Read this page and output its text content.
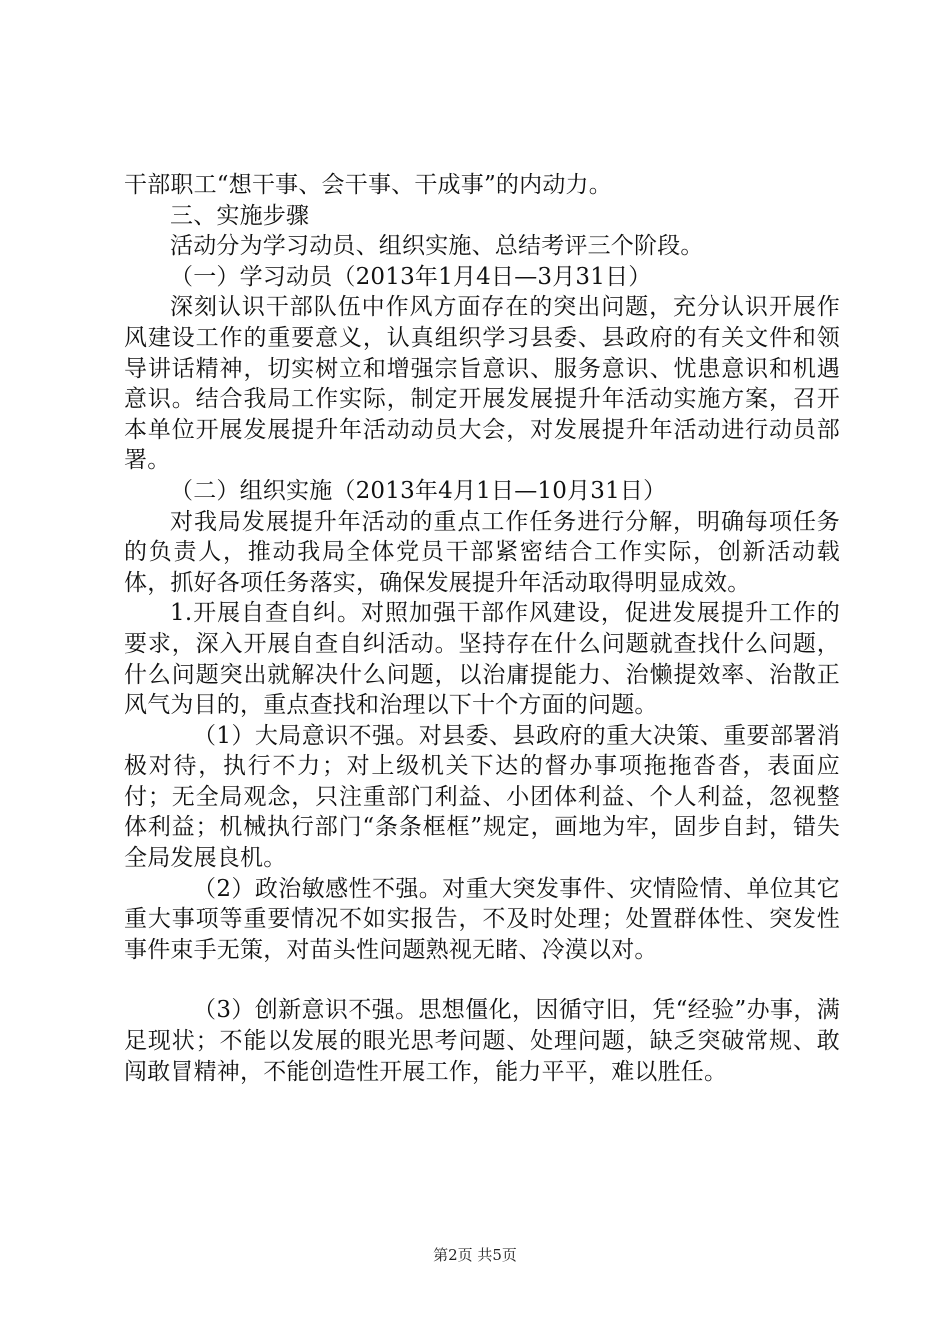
干部职工“想干事、会干事、干成事”的内动力。

三、实施步骤

活动分为学习动员、组织实施、总结考评三个阶段。

（一）学习动员（2013年1月4日—3月31日）

深刻认识干部队伍中作风方面存在的突出问题，充分认识开展作风建设工作的重要意义，认真组织学习县委、县政府的有关文件和领导讲话精神，切实树立和增强宗旨意识、服务意识、忧患意识和机遇意识。结合我局工作实际，制定开展发展提升年活动实施方案，召开本单位开展发展提升年活动动员大会，对发展提升年活动进行动员部署。

（二）组织实施（2013年4月1日—10月31日）

对我局发展提升年活动的重点工作任务进行分解，明确每项任务的负责人，推动我局全体党员干部紧密结合工作实际，创新活动载体，抓好各项任务落实，确保发展提升年活动取得明显成效。

1.开展自查自纠。对照加强干部作风建设，促进发展提升工作的要求，深入开展自查自纠活动。坚持存在什么问题就查找什么问题，什么问题突出就解决什么问题，以治庸提能力、治懒提效率、治散正风气为目的，重点查找和治理以下十个方面的问题。

（1）大局意识不强。对县委、县政府的重大决策、重要部署消极对待，执行不力；对上级机关下达的督办事项拖拖沓沓，表面应付；无全局观念，只注重部门利益、小团体利益、个人利益，忽视整体利益；机械执行部门“条条框框”规定，画地为牢，固步自封，错失全局发展良机。

（2）政治敏感性不强。对重大突发事件、灾情险情、单位其它重大事项等重要情况不如实报告，不及时处理；处置群体性、突发性事件束手无策，对苗头性问题熟视无睹、冷漠以对。

（3）创新意识不强。思想僵化，因循守旧，凭“经验”办事，满足现状；不能以发展的眼光思考问题、处理问题，缺乏突破常规、敢闯敢冒精神，不能创造性开展工作，能力平平，难以胜任。

第2页 共5页
